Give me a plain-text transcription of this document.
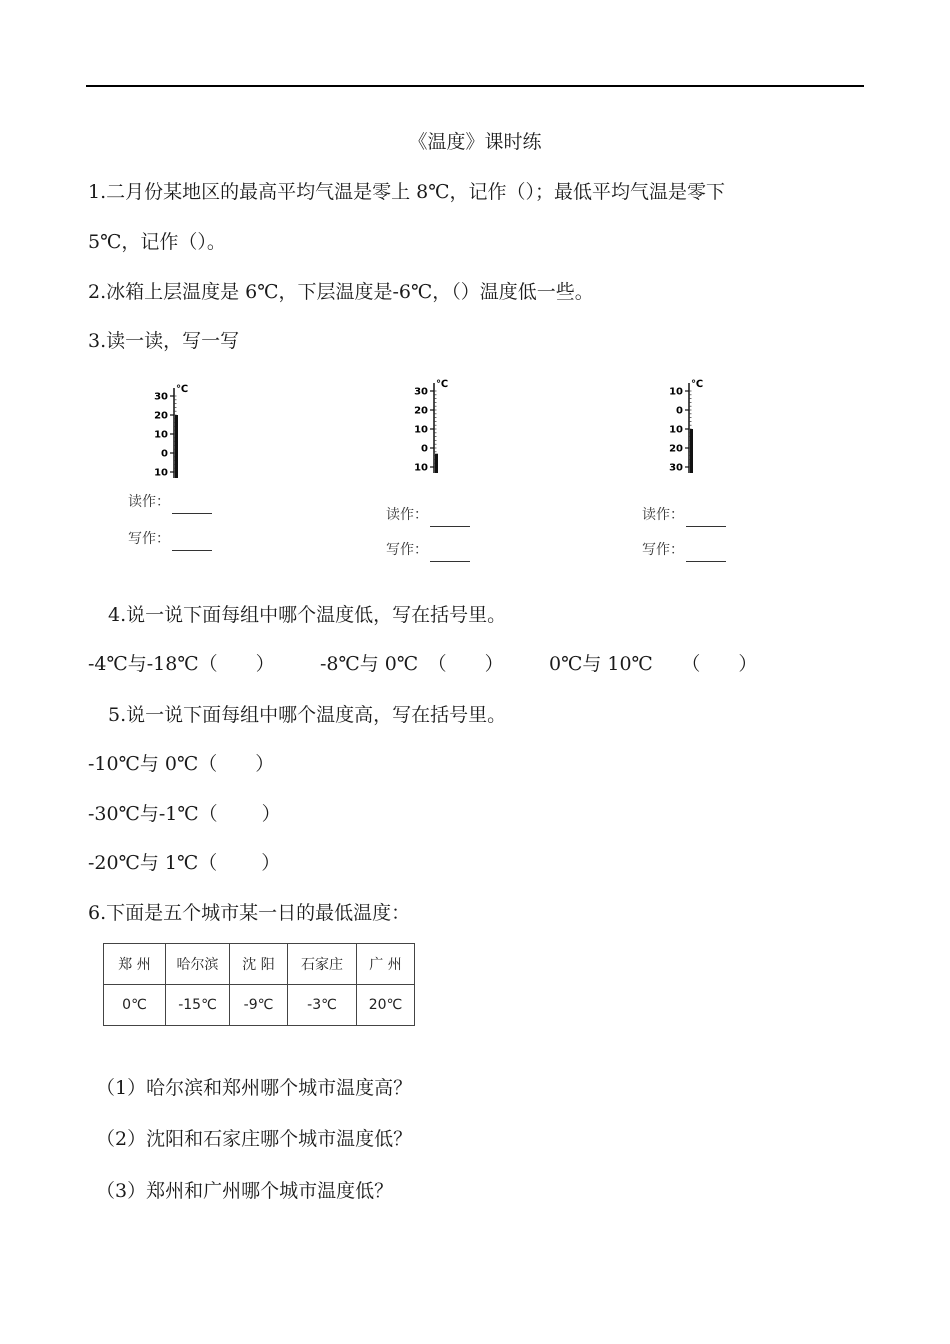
《温度》课时练
1.二月份某地区的最高平均气温是零上 8℃，记作（）；最低平均气温是零下
5℃，记作（）。
2.冰箱上层温度是 6℃，下层温度是-6℃，（）温度低一些。
3.读一读，写一写
℃
30
20
10
0
10
读作：
写作：
℃
30
20
10
0
10
读作：
写作：
℃
10
0
10
20
30
读作：
写作：
4.说一说下面每组中哪个温度低，写在括号里。
-4℃与-18℃（　　） -8℃与 0℃　（　　） 0℃与 10℃　　（　　）
5.说一说下面每组中哪个温度高，写在括号里。
-10℃与 0℃（　　）
-30℃与-1℃（　　 ）
-20℃与 1℃（　　 ）
6.下面是五个城市某一日的最低温度：
郑 州	哈尔滨	沈 阳	石家庄	广 州
0℃	-15℃	-9℃	-3℃	20℃
（1）哈尔滨和郑州哪个城市温度高？
（2）沈阳和石家庄哪个城市温度低？
（3）郑州和广州哪个城市温度低？
